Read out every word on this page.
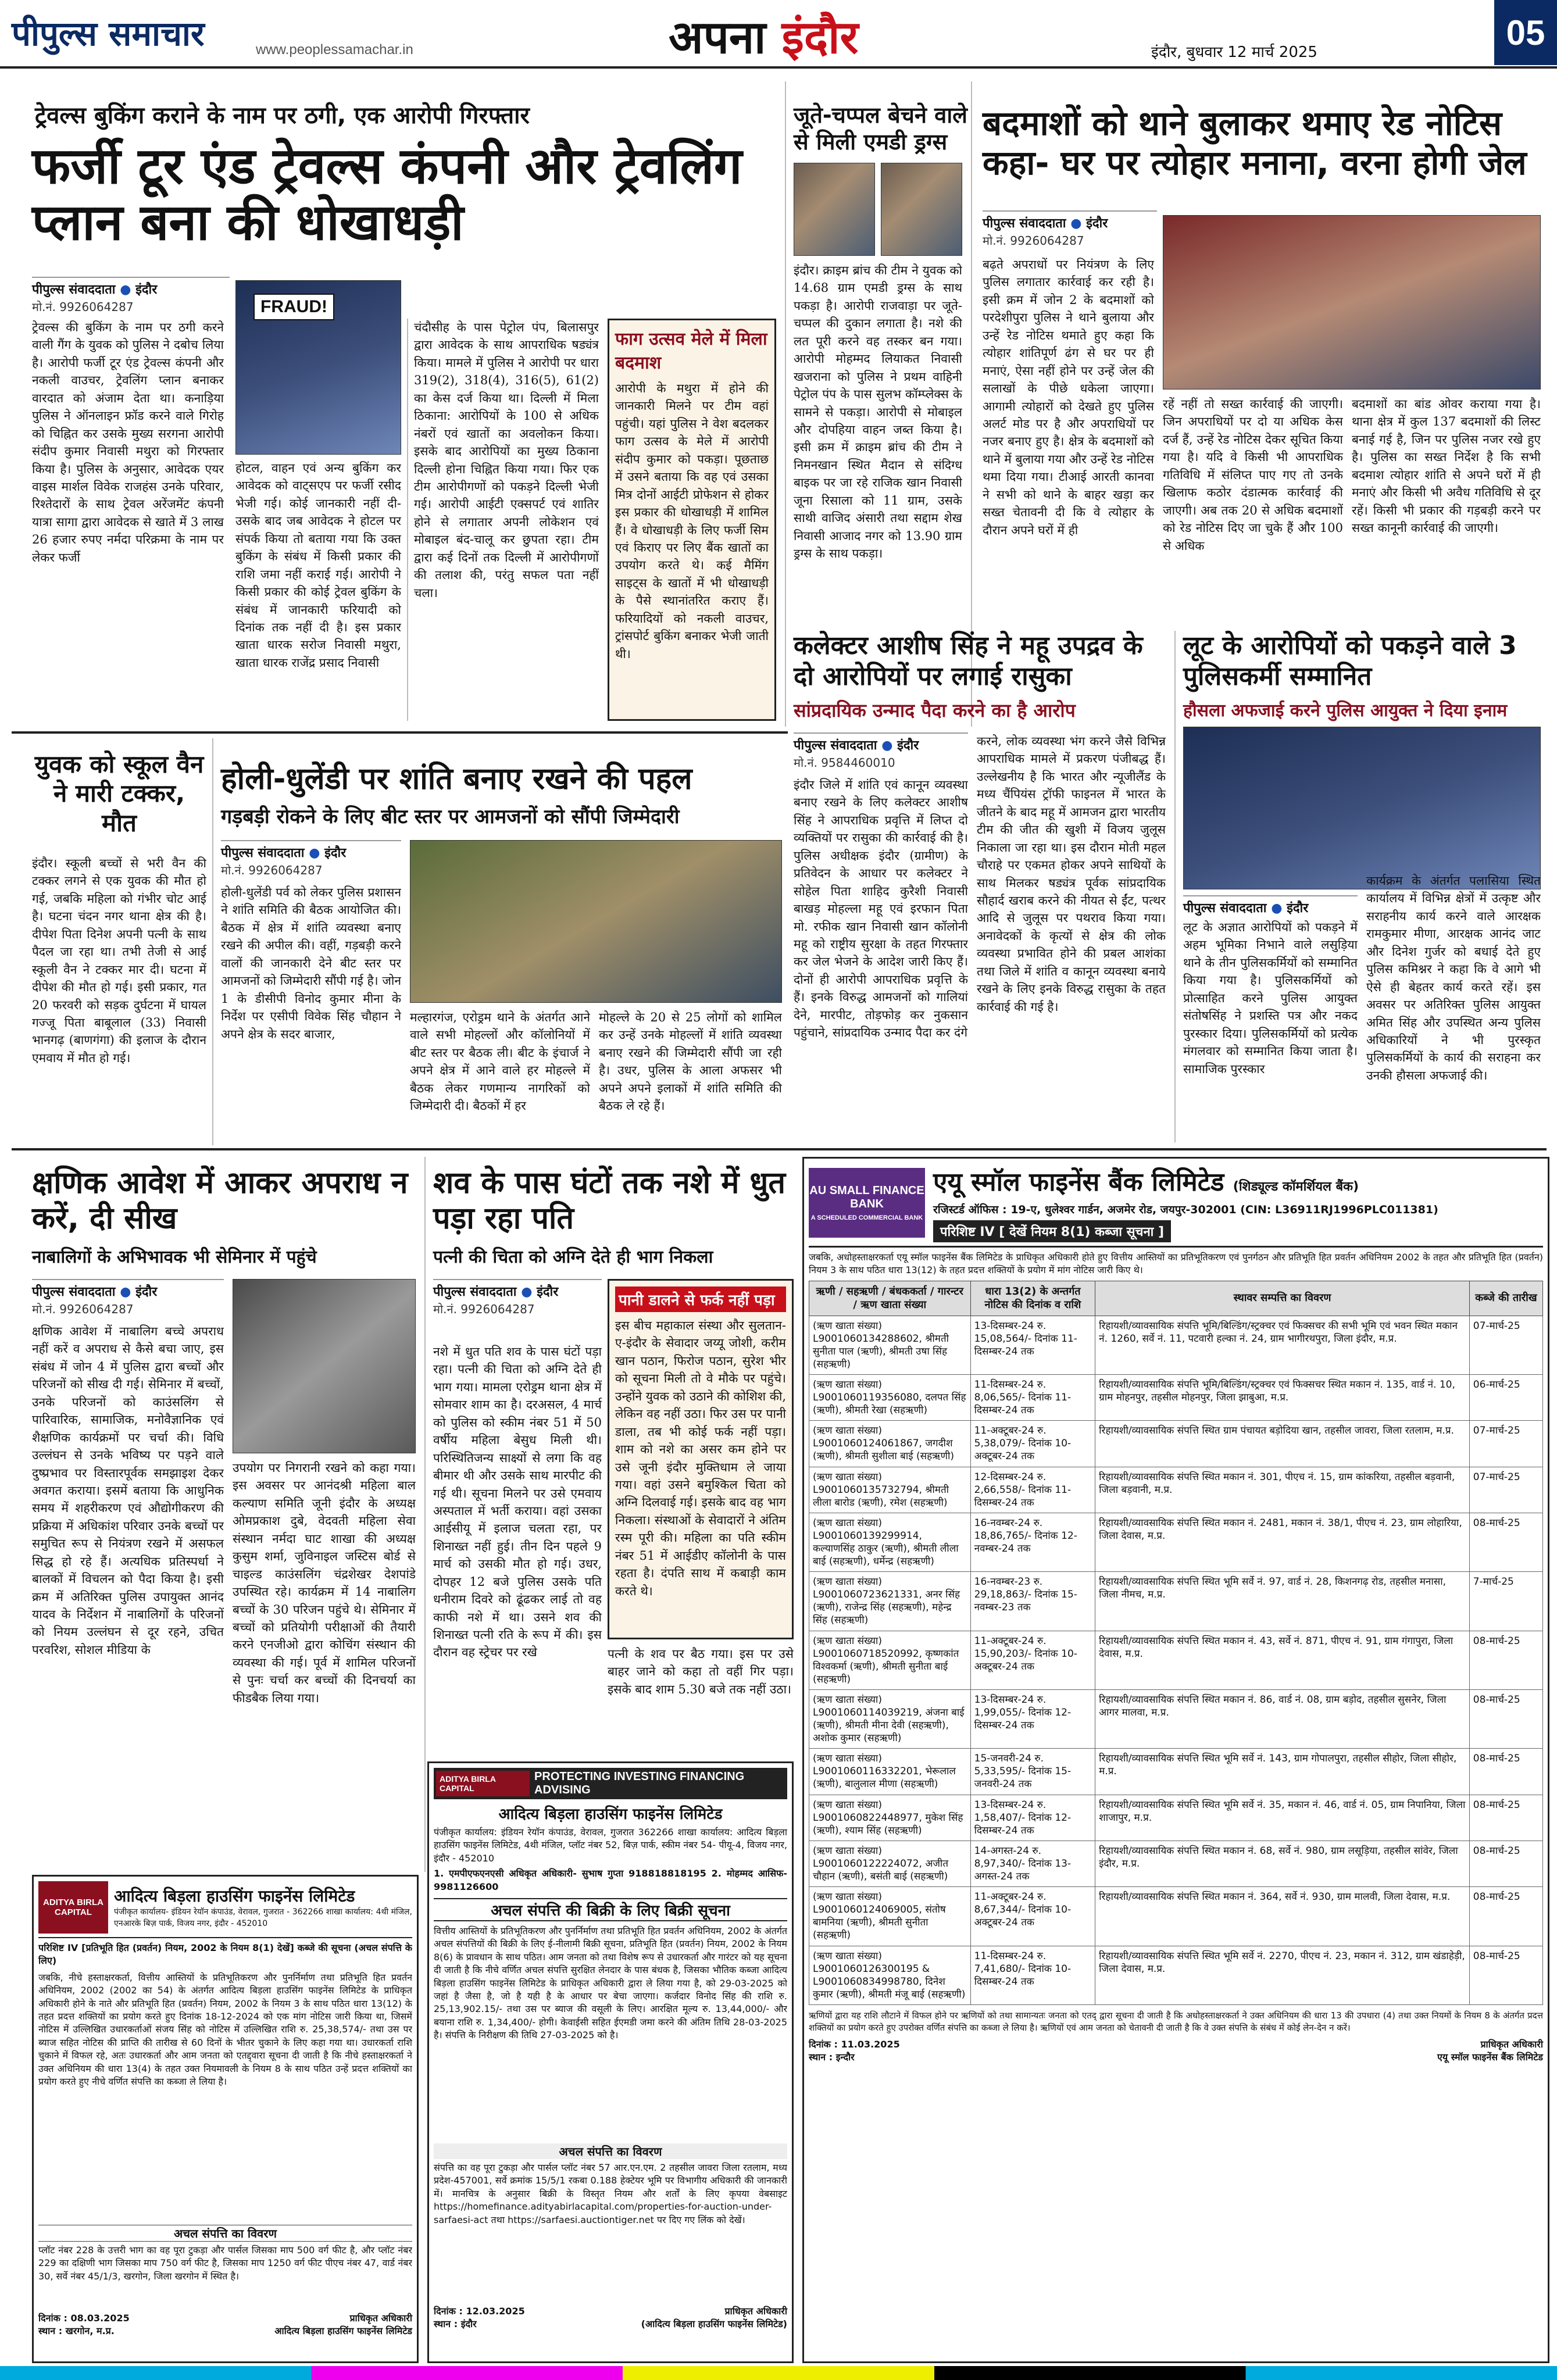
पीपुल्स समाचार	www.peoplessamachar.in	अपना इंदौर	इंदौर, बुधवार 12 मार्च 2025
05
ट्रेवल्स बुकिंग कराने के नाम पर ठगी, एक आरोपी गिरफ्तार
फर्जी टूर एंड ट्रेवल्स कंपनी और ट्रेवलिंग प्लान बना की धोखाधड़ी
पीपुल्स संवाददाता ● इंदौर
मो.नं. 9926064287	FRAUD!
ट्रेवल्स की बुकिंग के नाम पर ठगी करने वाली गैंग के युवक को पुलिस ने दबोच लिया है। आरोपी फर्जी टूर एंड ट्रेवल्स कंपनी और नकली वाउचर, ट्रेवलिंग प्लान बनाकर वारदात को अंजाम देता था। कनाड़िया पुलिस ने ऑनलाइन फ्रॉड करने वाले गिरोह को चिह्नित कर उसके मुख्य सरगना आरोपी संदीप कुमार निवासी मथुरा को गिरफ्तार किया है। पुलिस के अनुसार, आवेदक एयर वाइस मार्शल विवेक राजहंस उनके परिवार, रिश्तेदारों के साथ ट्रेवल अरेंजमेंट कंपनी यात्रा सागा द्वारा आवेदक से खाते में 3 लाख 26 हजार रुपए नर्मदा परिक्रमा के नाम पर लेकर फर्जी
होटल, वाहन एवं अन्य बुकिंग कर आवेदक को वाट्सएप पर फर्जी रसीद भेजी गई। कोई जानकारी नहीं दी- उसके बाद जब आवेदक ने होटल पर संपर्क किया तो बताया गया कि उक्त बुकिंग के संबंध में किसी प्रकार की राशि जमा नहीं कराई गई। आरोपी ने किसी प्रकार की कोई ट्रेवल बुकिंग के संबंध में जानकारी फरियादी को दिनांक तक नहीं दी है। इस प्रकार खाता धारक सरोज निवासी मथुरा, खाता धारक राजेंद्र प्रसाद निवासी
चंदौसीह के पास पेट्रोल पंप, बिलासपुर द्वारा आवेदक के साथ आपराधिक षड्यंत्र किया। मामले में पुलिस ने आरोपी पर धारा 319(2), 318(4), 316(5), 61(2) का केस दर्ज किया था। दिल्ली में मिला ठिकाना: आरोपियों के 100 से अधिक नंबरों एवं खातों का अवलोकन किया। इसके बाद आरोपियों का मुख्य ठिकाना दिल्ली होना चिह्नित किया गया। फिर एक टीम आरोपीगणों को पकड़ने दिल्ली भेजी गई। आरोपी आईटी एक्सपर्ट एवं शातिर होने से लगातार अपनी लोकेशन एवं मोबाइल बंद-चालू कर छुपता रहा। टीम द्वारा कई दिनों तक दिल्ली में आरोपीगणों की तलाश की, परंतु सफल पता नहीं चला।
फाग उत्सव मेले में मिला बदमाश
आरोपी के मथुरा में होने की जानकारी मिलने पर टीम वहां पहुंची। यहां पुलिस ने वेश बदलकर फाग उत्सव के मेले में आरोपी संदीप कुमार को पकड़ा। पूछताछ में उसने बताया कि वह एवं उसका मित्र दोनों आईटी प्रोफेशन से होकर इस प्रकार की धोखाधड़ी में शामिल हैं। वे धोखाधड़ी के लिए फर्जी सिम एवं किराए पर लिए बैंक खातों का उपयोग करते थे। कई मैमिंग साइट्स के खातों में भी धोखाधड़ी के पैसे स्थानांतरित कराए हैं। फरियादियों को नकली वाउचर, ट्रांसपोर्ट बुकिंग बनाकर भेजी जाती थी।
जूते-चप्पल बेचने वाले से मिली एमडी ड्रग्स
इंदौर। क्राइम ब्रांच की टीम ने युवक को 14.68 ग्राम एमडी ड्रग्स के साथ पकड़ा है। आरोपी राजवाड़ा पर जूते-चप्पल की दुकान लगाता है। नशे की लत पूरी करने वह तस्कर बन गया। आरोपी मोहम्मद लियाकत निवासी खजराना को पुलिस ने प्रथम वाहिनी पेट्रोल पंप के पास सुलभ कॉम्प्लेक्स के सामने से पकड़ा। आरोपी से मोबाइल और दोपहिया वाहन जब्त किया है। इसी क्रम में क्राइम ब्रांच की टीम ने निमनखान स्थित मैदान से संदिग्ध बाइक पर जा रहे राजिक खान निवासी जूना रिसाला को 11 ग्राम, उसके साथी वाजिद अंसारी तथा सद्दाम शेख निवासी आजाद नगर को 13.90 ग्राम ड्रग्स के साथ पकड़ा।
बदमाशों को थाने बुलाकर थमाए रेड नोटिस कहा- घर पर त्योहार मनाना, वरना होगी जेल
पीपुल्स संवाददाता ● इंदौर
मो.नं. 9926064287
बढ़ते अपराधों पर नियंत्रण के लिए पुलिस लगातार कार्रवाई कर रही है। इसी क्रम में जोन 2 के बदमाशों को परदेशीपुरा पुलिस ने थाने बुलाया और उन्हें रेड नोटिस थमाते हुए कहा कि त्योहार शांतिपूर्ण ढंग से घर पर ही मनाएं, ऐसा नहीं होने पर उन्हें जेल की सलाखों के पीछे धकेला जाएगा। आगामी त्योहारों को देखते हुए पुलिस अलर्ट मोड पर है और अपराधियों पर नजर बनाए हुए है। क्षेत्र के बदमाशों को थाने में बुलाया गया और उन्हें रेड नोटिस थमा दिया गया। टीआई आरती कानवा ने सभी को थाने के बाहर खड़ा कर सख्त चेतावनी दी कि वे त्योहार के दौरान अपने घरों में ही
रहें नहीं तो सख्त कार्रवाई की जाएगी। जिन अपराधियों पर दो या अधिक केस दर्ज हैं, उन्हें रेड नोटिस देकर सूचित किया गया है। यदि वे किसी भी आपराधिक गतिविधि में संलिप्त पाए गए तो उनके खिलाफ कठोर दंडात्मक कार्रवाई की जाएगी। अब तक 20 से अधिक बदमाशों को रेड नोटिस दिए जा चुके हैं और 100 से अधिक
बदमाशों का बांड ओवर कराया गया है। थाना क्षेत्र में कुल 137 बदमाशों की लिस्ट बनाई गई है, जिन पर पुलिस नजर रखे हुए है। पुलिस का सख्त निर्देश है कि सभी बदमाश त्योहार शांति से अपने घरों में ही मनाएं और किसी भी अवैध गतिविधि से दूर रहें। किसी भी प्रकार की गड़बड़ी करने पर सख्त कानूनी कार्रवाई की जाएगी।
कलेक्टर आशीष सिंह ने महू उपद्रव के दो आरोपियों पर लगाई रासुका
सांप्रदायिक उन्माद पैदा करने का है आरोप
पीपुल्स संवाददाता ● इंदौर
मो.नं. 9584460010
इंदौर जिले में शांति एवं कानून व्यवस्था बनाए रखने के लिए कलेक्टर आशीष सिंह ने आपराधिक प्रवृत्ति में लिप्त दो व्यक्तियों पर रासुका की कार्रवाई की है। पुलिस अधीक्षक इंदौर (ग्रामीण) के प्रतिवेदन के आधार पर कलेक्टर ने सोहेल पिता शाहिद कुरैशी निवासी बाखड़ मोहल्ला महू एवं इरफान पिता मो. रफीक खान निवासी खान कॉलोनी महू को राष्ट्रीय सुरक्षा के तहत गिरफ्तार कर जेल भेजने के आदेश जारी किए हैं। दोनों ही आरोपी आपराधिक प्रवृत्ति के हैं। इनके विरुद्ध आमजनों को गालियां देने, मारपीट, तोड़फोड़ कर नुकसान पहुंचाने, सांप्रदायिक उन्माद पैदा कर दंगे
करने, लोक व्यवस्था भंग करने जैसे विभिन्न आपराधिक मामले में प्रकरण पंजीबद्ध हैं। उल्लेखनीय है कि भारत और न्यूजीलैंड के मध्य चैंपियंस ट्रॉफी फाइनल में भारत के जीतने के बाद महू में आमजन द्वारा भारतीय टीम की जीत की खुशी में विजय जुलूस निकाला जा रहा था। इस दौरान मोती महल चौराहे पर एकमत होकर अपने साथियों के साथ मिलकर षड्यंत्र पूर्वक सांप्रदायिक सौहार्द खराब करने की नीयत से ईंट, पत्थर आदि से जुलूस पर पथराव किया गया। अनावेदकों के कृत्यों से क्षेत्र की लोक व्यवस्था प्रभावित होने की प्रबल आशंका तथा जिले में शांति व कानून व्यवस्था बनाये रखने के लिए इनके विरुद्ध रासुका के तहत कार्रवाई की गई है।
लूट के आरोपियों को पकड़ने वाले 3 पुलिसकर्मी सम्मानित
हौसला अफजाई करने पुलिस आयुक्त ने दिया इनाम
पीपुल्स संवाददाता ● इंदौर
लूट के अज्ञात आरोपियों को पकड़ने में अहम भूमिका निभाने वाले लसुड़िया थाने के तीन पुलिसकर्मियों को सम्मानित किया गया है। पुलिसकर्मियों को प्रोत्साहित करने पुलिस आयुक्त संतोषसिंह ने प्रशस्ति पत्र और नकद पुरस्कार दिया। पुलिसकर्मियों को प्रत्येक मंगलवार को सम्मानित किया जाता है। सामाजिक पुरस्कार
कार्यक्रम के अंतर्गत पलासिया स्थित कार्यालय में विभिन्न क्षेत्रों में उत्कृष्ट और सराहनीय कार्य करने वाले आरक्षक रामकुमार मीणा, आरक्षक आनंद जाट और दिनेश गुर्जर को बधाई देते हुए पुलिस कमिश्नर ने कहा कि वे आगे भी ऐसे ही बेहतर कार्य करते रहें। इस अवसर पर अतिरिक्त पुलिस आयुक्त अमित सिंह और उपस्थित अन्य पुलिस अधिकारियों ने भी पुरस्कृत पुलिसकर्मियों के कार्य की सराहना कर उनकी हौसला अफजाई की।
युवक को स्कूल वैन ने मारी टक्कर, मौत
इंदौर। स्कूली बच्चों से भरी वैन की टक्कर लगने से एक युवक की मौत हो गई, जबकि महिला को गंभीर चोट आई है। घटना चंदन नगर थाना क्षेत्र की है। दीपेश पिता दिनेश अपनी पत्नी के साथ पैदल जा रहा था। तभी तेजी से आई स्कूली वैन ने टक्कर मार दी। घटना में दीपेश की मौत हो गई। इसी प्रकार, गत 20 फरवरी को सड़क दुर्घटना में घायल गज्जू पिता बाबूलाल (33) निवासी भानगढ़ (बाणगंगा) की इलाज के दौरान एमवाय में मौत हो गई।
होली-धुलेंडी पर शांति बनाए रखने की पहल
गड़बड़ी रोकने के लिए बीट स्तर पर आमजनों को सौंपी जिम्मेदारी
पीपुल्स संवाददाता ● इंदौर
मो.नं. 9926064287
होली-धुलेंडी पर्व को लेकर पुलिस प्रशासन ने शांति समिति की बैठक आयोजित की। बैठक में क्षेत्र में शांति व्यवस्था बनाए रखने की अपील की। वहीं, गड़बड़ी करने वालों की जानकारी देने बीट स्तर पर आमजनों को जिम्मेदारी सौंपी गई है। जोन 1 के डीसीपी विनोद कुमार मीना के निर्देश पर एसीपी विवेक सिंह चौहान ने अपने क्षेत्र के सदर बाजार,
मल्हारगंज, एरोड्रम थाने के अंतर्गत आने वाले सभी मोहल्लों और कॉलोनियों में बीट स्तर पर बैठक ली। बीट के इंचार्ज ने अपने क्षेत्र में आने वाले हर मोहल्ले में बैठक लेकर गणमान्य नागरिकों को जिम्मेदारी दी। बैठकों में हर
मोहल्ले के 20 से 25 लोगों को शामिल कर उन्हें उनके मोहल्लों में शांति व्यवस्था बनाए रखने की जिम्मेदारी सौंपी जा रही है। उधर, पुलिस के आला अफसर भी अपने अपने इलाकों में शांति समिति की बैठक ले रहे हैं।
क्षणिक आवेश में आकर अपराध न करें, दी सीख
नाबालिगों के अभिभावक भी सेमिनार में पहुंचे
पीपुल्स संवाददाता ● इंदौर
मो.नं. 9926064287
क्षणिक आवेश में नाबालिग बच्चे अपराध नहीं करें व अपराध से कैसे बचा जाए, इस संबंध में जोन 4 में पुलिस द्वारा बच्चों और परिजनों को सीख दी गई। सेमिनार में बच्चों, उनके परिजनों को काउंसलिंग से पारिवारिक, सामाजिक, मनोवैज्ञानिक एवं शैक्षणिक कार्यक्रमों पर चर्चा की। विधि उल्लंघन से उनके भविष्य पर पड़ने वाले दुष्प्रभाव पर विस्तारपूर्वक समझाइश देकर अवगत कराया। इसमें बताया कि आधुनिक समय में शहरीकरण एवं औद्योगीकरण की प्रक्रिया में अधिकांश परिवार उनके बच्चों पर समुचित रूप से नियंत्रण रखने में असफल सिद्ध हो रहे हैं। अत्यधिक प्रतिस्पर्धा ने बालकों में विचलन को पैदा किया है। इसी क्रम में अतिरिक्त पुलिस उपायुक्त आनंद यादव के निर्देशन में नाबालिगों के परिजनों को नियम उल्लंघन से दूर रहने, उचित परवरिश, सोशल मीडिया के
उपयोग पर निगरानी रखने को कहा गया। इस अवसर पर आनंदश्री महिला बाल कल्याण समिति जूनी इंदौर के अध्यक्ष ओमप्रकाश दुबे, वेदवती महिला सेवा संस्थान नर्मदा घाट शाखा की अध्यक्ष कुसुम शर्मा, जुविनाइल जस्टिस बोर्ड से चाइल्ड काउंसलिंग चंद्रशेखर देशपांडे उपस्थित रहे। कार्यक्रम में 14 नाबालिग बच्चों के 30 परिजन पहुंचे थे। सेमिनार में बच्चों को प्रतियोगी परीक्षाओं की तैयारी करने एनजीओ द्वारा कोचिंग संस्थान की व्यवस्था की गई। पूर्व में शामिल परिजनों से पुनः चर्चा कर बच्चों की दिनचर्या का फीडबैक लिया गया।
शव के पास घंटों तक नशे में धुत पड़ा रहा पति
पत्नी की चिता को अग्नि देते ही भाग निकला
पीपुल्स संवाददाता ● इंदौर
मो.नं. 9926064287
नशे में धुत पति शव के पास घंटों पड़ा रहा। पत्नी की चिता को अग्नि देते ही भाग गया। मामला एरोड्रम थाना क्षेत्र में सोमवार शाम का है। दरअसल, 4 मार्च को पुलिस को स्कीम नंबर 51 में 50 वर्षीय महिला बेसुध मिली थी। परिस्थितिजन्य साक्ष्यों से लगा कि वह बीमार थी और उसके साथ मारपीट की गई थी। सूचना मिलने पर उसे एमवाय अस्पताल में भर्ती कराया। वहां उसका आईसीयू में इलाज चलता रहा, पर शिनाख्त नहीं हुई। तीन दिन पहले 9 मार्च को उसकी मौत हो गई। उधर, दोपहर 12 बजे पुलिस उसके पति धनीराम दिवरे को ढूंढकर लाई तो वह काफी नशे में था। उसने शव की शिनाख्त पत्नी रति के रूप में की। इस दौरान वह स्ट्रेचर पर रखे
पानी डालने से फर्क नहीं पड़ा
इस बीच महाकाल संस्था और सुलतान-ए-इंदौर के सेवादार जय्यू जोशी, करीम खान पठान, फिरोज पठान, सुरेश भीर को सूचना मिली तो वे मौके पर पहुंचे। उन्होंने युवक को उठाने की कोशिश की, लेकिन वह नहीं उठा। फिर उस पर पानी डाला, तब भी कोई फर्क नहीं पड़ा। शाम को नशे का असर कम होने पर उसे जूनी इंदौर मुक्तिधाम ले जाया गया। वहां उसने बमुश्किल चिता को अग्नि दिलवाई गई। इसके बाद वह भाग निकला। संस्थाओं के सेवादारों ने अंतिम रस्म पूरी की। महिला का पति स्कीम नंबर 51 में आईडीए कॉलोनी के पास रहता है। दंपति साथ में कबाड़ी काम करते थे।
पत्नी के शव पर बैठ गया। इस पर उसे बाहर जाने को कहा तो वहीं गिर पड़ा। इसके बाद शाम 5.30 बजे तक नहीं उठा।
ADITYA BIRLA CAPITAL
आदित्य बिड़ला हाउसिंग फाइनेंस लिमिटेड
पंजीकृत कार्यालय- इंडियन रेयॉन कंपाउंड, वेरावल, गुजरात - 362266 शाखा कार्यालय: 4थी मंजिल, एनआरके बिज़ पार्क, विजय नगर, इंदौर - 452010
परिशिष्ट IV [प्रतिभूति हित (प्रवर्तन) नियम, 2002 के नियम 8(1) देखें] कब्जे की सूचना (अचल संपत्ति के लिए)
जबकि, नीचे हस्ताक्षरकर्ता, वित्तीय आस्तियों के प्रतिभूतिकरण और पुनर्निर्माण तथा प्रतिभूति हित प्रवर्तन अधिनियम, 2002 (2002 का 54) के अंतर्गत आदित्य बिड़ला हाउसिंग फाइनेंस लिमिटेड के प्राधिकृत अधिकारी होने के नाते और प्रतिभूति हित (प्रवर्तन) नियम, 2002 के नियम 3 के साथ पठित धारा 13(12) के तहत प्रदत्त शक्तियों का प्रयोग करते हुए दिनांक 18-12-2024 को एक मांग नोटिस जारी किया था, जिसमें नोटिस में उल्लिखित उधारकर्ताओं संजय सिंह को नोटिस में उल्लिखित राशि रु. 25,38,574/- तथा उस पर ब्याज सहित नोटिस की प्राप्ति की तारीख से 60 दिनों के भीतर चुकाने के लिए कहा गया था। उधारकर्ता राशि चुकाने में विफल रहे, अतः उधारकर्ता और आम जनता को एतद्द्वारा सूचना दी जाती है कि नीचे हस्ताक्षरकर्ता ने उक्त अधिनियम की धारा 13(4) के तहत उक्त नियमावली के नियम 8 के साथ पठित उन्हें प्रदत्त शक्तियों का प्रयोग करते हुए नीचे वर्णित संपत्ति का कब्जा ले लिया है।
अचल संपत्ति का विवरण
प्लॉट नंबर 228 के उत्तरी भाग का वह पूरा टुकड़ा और पार्सल जिसका माप 500 वर्ग फीट है, और प्लॉट नंबर 229 का दक्षिणी भाग जिसका माप 750 वर्ग फीट है, जिसका माप 1250 वर्ग फीट पीएच नंबर 47, वार्ड नंबर 30, सर्वे नंबर 45/1/3, खरगोन, जिला खरगोन में स्थित है।
दिनांक : 08.03.2025
स्थान : खरगोन, म.प्र.
प्राधिकृत अधिकारी
आदित्य बिड़ला हाउसिंग फाइनेंस लिमिटेड
ADITYA BIRLA CAPITAL
PROTECTING INVESTING FINANCING ADVISING
आदित्य बिड़ला हाउसिंग फाइनेंस लिमिटेड
पंजीकृत कार्यालय: इंडियन रेयॉन कंपाउंड, वेरावल, गुजरात 362266 शाखा कार्यालय: आदित्य बिड़ला हाउसिंग फाइनेंस लिमिटेड, 4थी मंजिल, प्लॉट नंबर 52, बिज़ पार्क, स्कीम नंबर 54- पीयू-4, विजय नगर, इंदौर - 452010
1. एमपीएफएनएसी अधिकृत अधिकारी- सुभाष गुप्ता 918818818195 2. मोहम्मद आसिफ- 9981126600
अचल संपत्ति की बिक्री के लिए बिक्री सूचना
वित्तीय आस्तियों के प्रतिभूतिकरण और पुनर्निर्माण तथा प्रतिभूति हित प्रवर्तन अधिनियम, 2002 के अंतर्गत अचल संपत्तियों की बिक्री के लिए ई-नीलामी बिक्री सूचना, प्रतिभूति हित (प्रवर्तन) नियम, 2002 के नियम 8(6) के प्रावधान के साथ पठित। आम जनता को तथा विशेष रूप से उधारकर्ता और गारंटर को यह सूचना दी जाती है कि नीचे वर्णित अचल संपत्ति सुरक्षित लेनदार के पास बंधक है, जिसका भौतिक कब्जा आदित्य बिड़ला हाउसिंग फाइनेंस लिमिटेड के प्राधिकृत अधिकारी द्वारा ले लिया गया है, को 29-03-2025 को जहां है जैसा है, जो है यही है के आधार पर बेचा जाएगा। कर्जदार विनोद सिंह की राशि रु. 25,13,902.15/- तथा उस पर ब्याज की वसूली के लिए। आरक्षित मूल्य रु. 13,44,000/- और बयाना राशि रु. 1,34,400/- होगी। केवाईसी सहित ईएमडी जमा करने की अंतिम तिथि 28-03-2025 है। संपत्ति के निरीक्षण की तिथि 27-03-2025 को है।
अचल संपत्ति का विवरण
संपत्ति का वह पूरा टुकड़ा और पार्सल प्लॉट नंबर 57 आर.एन.एम. 2 तहसील जावरा जिला रतलाम, मध्य प्रदेश-457001, सर्वे क्रमांक 15/5/1 रकबा 0.188 हेक्टेयर भूमि पर विभागीय अधिकारी की जानकारी में। मानचित्र के अनुसार बिक्री के विस्तृत नियम और शर्तों के लिए कृपया वेबसाइट https://homefinance.adityabirlacapital.com/properties-for-auction-under-sarfaesi-act तथा https://sarfaesi.auctiontiger.net पर दिए गए लिंक को देखें।
दिनांक : 12.03.2025
स्थान : इंदौर
प्राधिकृत अधिकारी
(आदित्य बिड़ला हाउसिंग फाइनेंस लिमिटेड)
AU SMALL FINANCE BANK
A SCHEDULED COMMERCIAL BANK
एयू स्मॉल फाइनेंस बैंक लिमिटेड (शिड्यूल्ड कॉमर्शियल बैंक)
रजिस्टर्ड ऑफिस : 19-ए, धुलेश्वर गार्डन, अजमेर रोड, जयपुर-302001 (CIN: L36911RJ1996PLC011381)
परिशिष्ट IV [ देखें नियम 8(1) कब्जा सूचना ]
जबकि, अधोहस्ताक्षरकर्ता एयू स्मॉल फाइनेंस बैंक लिमिटेड के प्राधिकृत अधिकारी होते हुए वित्तीय आस्तियों का प्रतिभूतिकरण एवं पुनर्गठन और प्रतिभूति हित प्रवर्तन अधिनियम 2002 के तहत और प्रतिभूति हित (प्रवर्तन) नियम 3 के साथ पठित धारा 13(12) के तहत प्रदत्त शक्तियों के प्रयोग में मांग नोटिस जारी किए थे।
ऋणी / सहऋणी / बंधककर्ता / गारन्टर / ऋण खाता संख्या	धारा 13(2) के अन्तर्गत नोटिस की दिनांक व राशि	स्थावर सम्पत्ति का विवरण	कब्जे की तारीख
(ऋण खाता संख्या) L9001060134288602, श्रीमती सुनीता पाल (ऋणी), श्रीमती उषा सिंह (सहऋणी)	13-दिसम्बर-24 रु. 15,08,564/- दिनांक 11-दिसम्बर-24 तक	रिहायशी/व्यावसायिक संपत्ति भूमि/बिल्डिंग/स्ट्रक्चर एवं फिक्सचर की सभी भूमि एवं भवन स्थित मकान नं. 1260, सर्वे नं. 11, पटवारी हल्का नं. 24, ग्राम भागीरथपुरा, जिला इंदौर, म.प्र.	07-मार्च-25
(ऋण खाता संख्या) L9001060119356080, दलपत सिंह (ऋणी), श्रीमती रेखा (सहऋणी)	11-दिसम्बर-24 रु. 8,06,565/- दिनांक 11-दिसम्बर-24 तक	रिहायशी/व्यावसायिक संपत्ति भूमि/बिल्डिंग/स्ट्रक्चर एवं फिक्सचर स्थित मकान नं. 135, वार्ड नं. 10, ग्राम मोहनपुर, तहसील मोहनपुर, जिला झाबुआ, म.प्र.	06-मार्च-25
(ऋण खाता संख्या) L9001060124061867, जगदीश (ऋणी), श्रीमती सुशीला बाई (सहऋणी)	11-अक्टूबर-24 रु. 5,38,079/- दिनांक 10-अक्टूबर-24 तक	रिहायशी/व्यावसायिक संपत्ति स्थित ग्राम पंचायत बड़ोदिया खान, तहसील जावरा, जिला रतलाम, म.प्र.	07-मार्च-25
(ऋण खाता संख्या) L9001060135732794, श्रीमती लीला बारोड (ऋणी), रमेश (सहऋणी)	12-दिसम्बर-24 रु. 2,66,558/- दिनांक 11-दिसम्बर-24 तक	रिहायशी/व्यावसायिक संपत्ति स्थित मकान नं. 301, पीएच नं. 15, ग्राम कांकरिया, तहसील बड़वानी, जिला बड़वानी, म.प्र.	07-मार्च-25
(ऋण खाता संख्या) L9001060139299914, कल्याणसिंह ठाकुर (ऋणी), श्रीमती लीला बाई (सहऋणी), धर्मेन्द्र (सहऋणी)	16-नवम्बर-24 रु. 18,86,765/- दिनांक 12-नवम्बर-24 तक	रिहायशी/व्यावसायिक संपत्ति स्थित मकान नं. 2481, मकान नं. 38/1, पीएच नं. 23, ग्राम लोहारिया, जिला देवास, म.प्र.	08-मार्च-25
(ऋण खाता संख्या) L9001060723621331, अनर सिंह (ऋणी), राजेन्द्र सिंह (सहऋणी), महेन्द्र सिंह (सहऋणी)	16-नवम्बर-23 रु. 29,18,863/- दिनांक 15-नवम्बर-23 तक	रिहायशी/व्यावसायिक संपत्ति स्थित भूमि सर्वे नं. 97, वार्ड नं. 28, किशनगढ़ रोड, तहसील मनासा, जिला नीमच, म.प्र.	7-मार्च-25
(ऋण खाता संख्या) L9001060718520992, कृष्णकांत विश्वकर्मा (ऋणी), श्रीमती सुनीता बाई (सहऋणी)	11-अक्टूबर-24 रु. 15,90,203/- दिनांक 10-अक्टूबर-24 तक	रिहायशी/व्यावसायिक संपत्ति स्थित मकान नं. 43, सर्वे नं. 871, पीएच नं. 91, ग्राम गंगापुरा, जिला देवास, म.प्र.	08-मार्च-25
(ऋण खाता संख्या) L9001060114039219, अंजना बाई (ऋणी), श्रीमती मीना देवी (सहऋणी), अशोक कुमार (सहऋणी)	13-दिसम्बर-24 रु. 1,99,055/- दिनांक 12-दिसम्बर-24 तक	रिहायशी/व्यावसायिक संपत्ति स्थित मकान नं. 86, वार्ड नं. 08, ग्राम बड़ोद, तहसील सुसनेर, जिला आगर मालवा, म.प्र.	08-मार्च-25
(ऋण खाता संख्या) L9001060116332201, भेरूलाल (ऋणी), बालुलाल मीणा (सहऋणी)	15-जनवरी-24 रु. 5,33,595/- दिनांक 15-जनवरी-24 तक	रिहायशी/व्यावसायिक संपत्ति स्थित भूमि सर्वे नं. 143, ग्राम गोपालपुरा, तहसील सीहोर, जिला सीहोर, म.प्र.	08-मार्च-25
(ऋण खाता संख्या) L9001060822448977, मुकेश सिंह (ऋणी), श्याम सिंह (सहऋणी)	13-दिसम्बर-24 रु. 1,58,407/- दिनांक 12-दिसम्बर-24 तक	रिहायशी/व्यावसायिक संपत्ति स्थित भूमि सर्वे नं. 35, मकान नं. 46, वार्ड नं. 05, ग्राम निपानिया, जिला शाजापुर, म.प्र.	08-मार्च-25
(ऋण खाता संख्या) L9001060122224072, अजीत चौहान (ऋणी), बसंती बाई (सहऋणी)	14-अगस्त-24 रु. 8,97,340/- दिनांक 13-अगस्त-24 तक	रिहायशी/व्यावसायिक संपत्ति स्थित मकान नं. 68, सर्वे नं. 980, ग्राम लसूड़िया, तहसील सांवेर, जिला इंदौर, म.प्र.	08-मार्च-25
(ऋण खाता संख्या) L9001060124069005, संतोष बामनिया (ऋणी), श्रीमती सुनीता (सहऋणी)	11-अक्टूबर-24 रु. 8,67,344/- दिनांक 10-अक्टूबर-24 तक	रिहायशी/व्यावसायिक संपत्ति स्थित मकान नं. 364, सर्वे नं. 930, ग्राम मालवी, जिला देवास, म.प्र.	08-मार्च-25
(ऋण खाता संख्या) L9001060126300195 & L9001060834998780, दिनेश कुमार (ऋणी), श्रीमती मंजू बाई (सहऋणी)	11-दिसम्बर-24 रु. 7,41,680/- दिनांक 10-दिसम्बर-24 तक	रिहायशी/व्यावसायिक संपत्ति स्थित भूमि सर्वे नं. 2270, पीएच नं. 23, मकान नं. 312, ग्राम खंडाहेड़ी, जिला देवास, म.प्र.	08-मार्च-25
ऋणियों द्वारा यह राशि लौटाने में विफल होने पर ऋणियों को तथा सामान्यतः जनता को एतद् द्वारा सूचना दी जाती है कि अधोहस्ताक्षरकर्ता ने उक्त अधिनियम की धारा 13 की उपधारा (4) तथा उक्त नियमों के नियम 8 के अंतर्गत प्रदत्त शक्तियों का प्रयोग करते हुए उपरोक्त वर्णित संपत्ति का कब्जा ले लिया है। ऋणियों एवं आम जनता को चेतावनी दी जाती है कि वे उक्त संपत्ति के संबंध में कोई लेन-देन न करें।
दिनांक : 11.03.2025
स्थान : इन्दौर
प्राधिकृत अधिकारी
एयू स्मॉल फाइनेंस बैंक लिमिटेड
